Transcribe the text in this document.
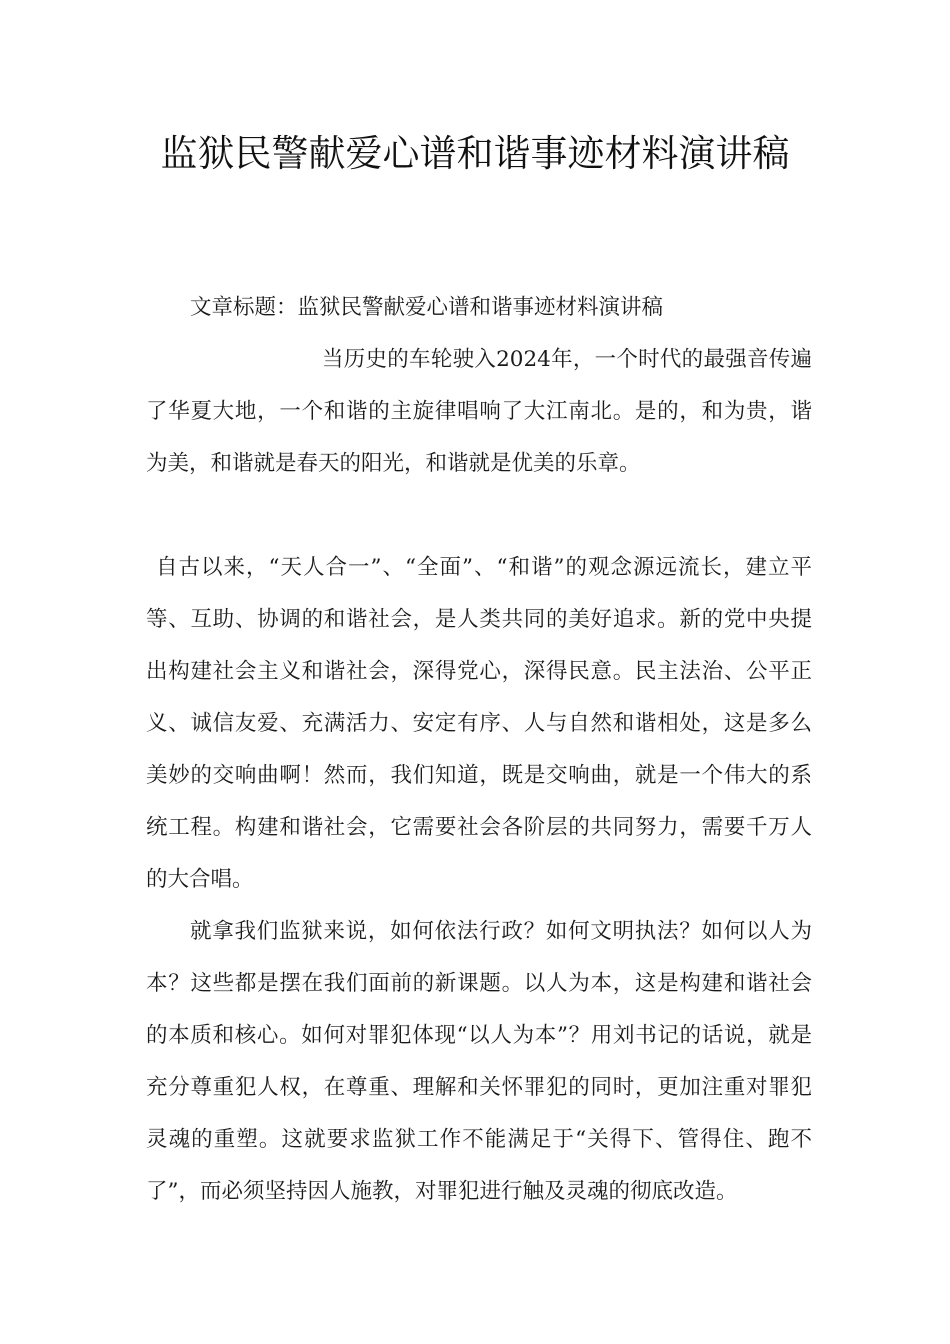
监狱民警献爱心谱和谐事迹材料演讲稿

文章标题：监狱民警献爱心谱和谐事迹材料演讲稿

当历史的车轮驶入2024年，一个时代的最强音传遍了华夏大地，一个和谐的主旋律唱响了大江南北。是的，和为贵，谐为美，和谐就是春天的阳光，和谐就是优美的乐章。

自古以来，“天人合一”、“全面”、“和谐”的观念源远流长，建立平等、互助、协调的和谐社会，是人类共同的美好追求。新的党中央提出构建社会主义和谐社会，深得党心，深得民意。民主法治、公平正义、诚信友爱、充满活力、安定有序、人与自然和谐相处，这是多么美妙的交响曲啊！然而，我们知道，既是交响曲，就是一个伟大的系统工程。构建和谐社会，它需要社会各阶层的共同努力，需要千万人的大合唱。

就拿我们监狱来说，如何依法行政？如何文明执法？如何以人为本？这些都是摆在我们面前的新课题。以人为本，这是构建和谐社会的本质和核心。如何对罪犯体现“以人为本”？用刘书记的话说，就是充分尊重犯人权，在尊重、理解和关怀罪犯的同时，更加注重对罪犯灵魂的重塑。这就要求监狱工作不能满足于“关得下、管得住、跑不了”，而必须坚持因人施教，对罪犯进行触及灵魂的彻底改造。
